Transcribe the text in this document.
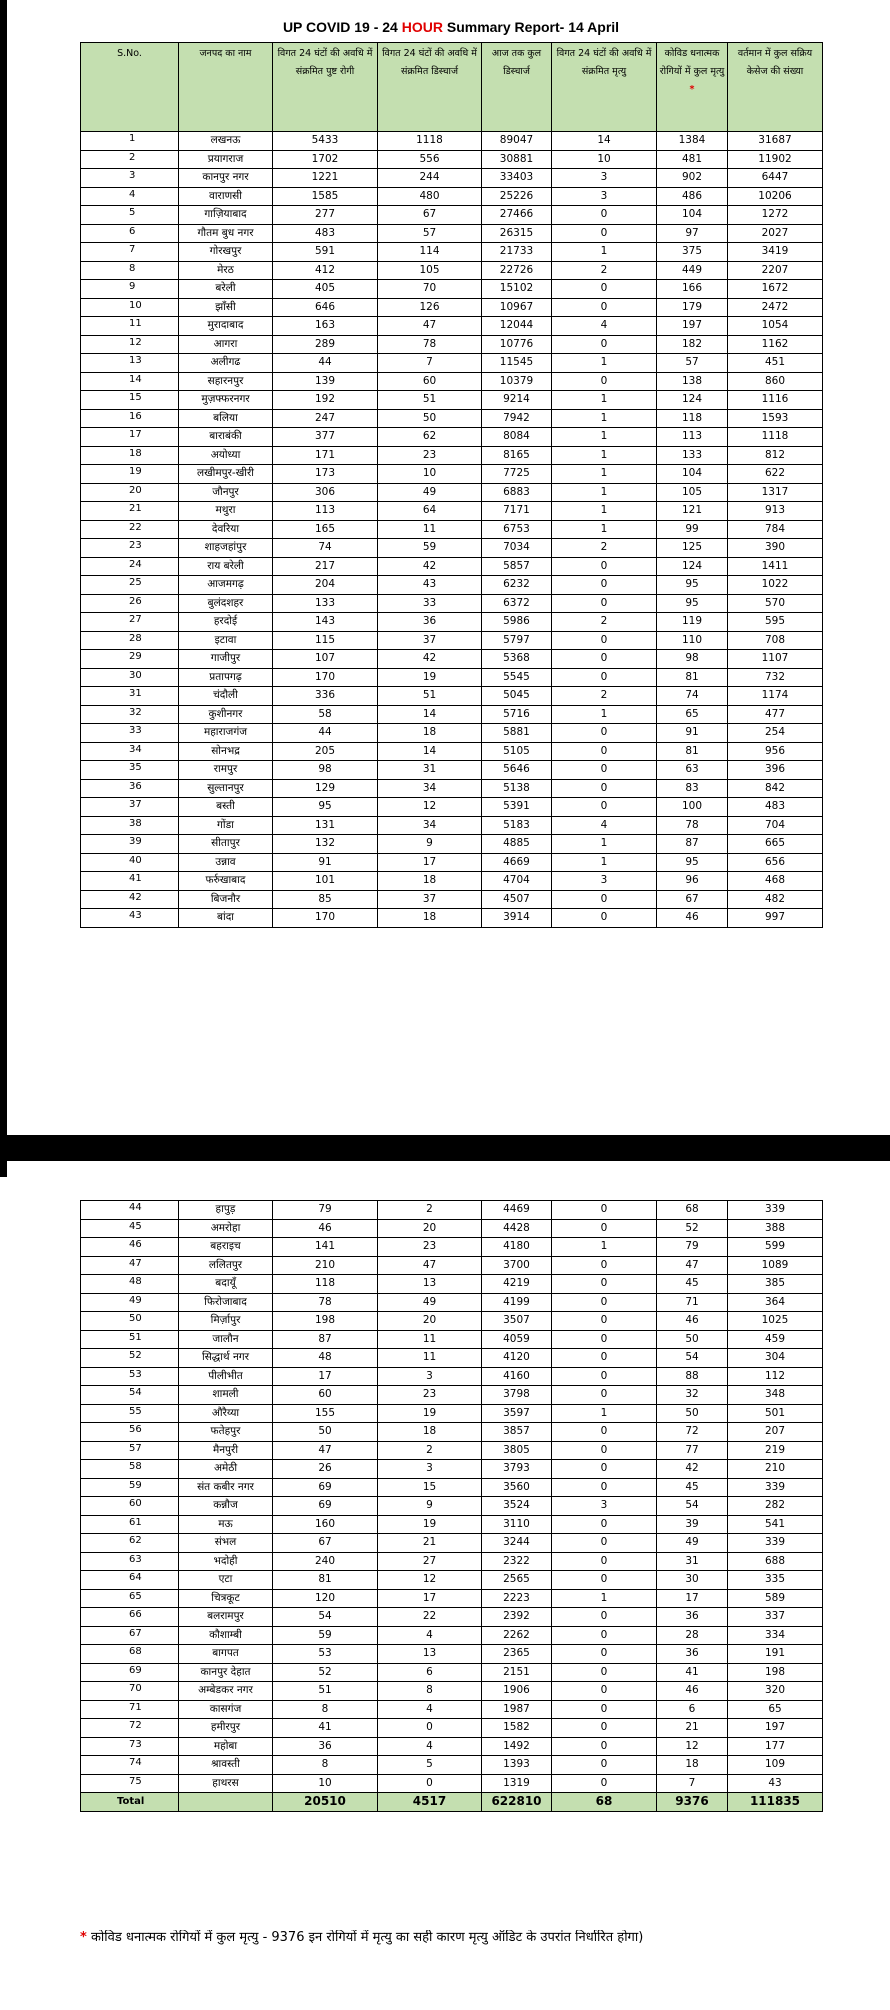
UP COVID 19 - 24 HOUR Summary Report- 14 April
S.No.	जनपद का नाम	विगत 24 घंटों की अवधि में संक्रमित पुष्ट रोगी	विगत 24 घंटों की अवधि में संक्रमित डिस्चार्ज	आज तक कुल डिस्चार्ज	विगत 24 घंटों की अवधि में संक्रमित मृत्यु	कोविड धनात्मक रोगियों में कुल मृत्यु *	वर्तमान में कुल सक्रिय केसेज की संख्या
1	लखनऊ	5433	1118	89047	14	1384	31687
2	प्रयागराज	1702	556	30881	10	481	11902
3	कानपुर नगर	1221	244	33403	3	902	6447
4	वाराणसी	1585	480	25226	3	486	10206
5	गाज़ियाबाद	277	67	27466	0	104	1272
6	गौतम बुध नगर	483	57	26315	0	97	2027
7	गोरखपुर	591	114	21733	1	375	3419
8	मेरठ	412	105	22726	2	449	2207
9	बरेली	405	70	15102	0	166	1672
10	झाँसी	646	126	10967	0	179	2472
11	मुरादाबाद	163	47	12044	4	197	1054
12	आगरा	289	78	10776	0	182	1162
13	अलीगढ	44	7	11545	1	57	451
14	सहारनपुर	139	60	10379	0	138	860
15	मुज़फ्फरनगर	192	51	9214	1	124	1116
16	बलिया	247	50	7942	1	118	1593
17	बाराबंकी	377	62	8084	1	113	1118
18	अयोध्या	171	23	8165	1	133	812
19	लखीमपुर-खीरी	173	10	7725	1	104	622
20	जौनपुर	306	49	6883	1	105	1317
21	मथुरा	113	64	7171	1	121	913
22	देवरिया	165	11	6753	1	99	784
23	शाहजहांपुर	74	59	7034	2	125	390
24	राय बरेली	217	42	5857	0	124	1411
25	आजमगढ़	204	43	6232	0	95	1022
26	बुलंदशहर	133	33	6372	0	95	570
27	हरदोई	143	36	5986	2	119	595
28	इटावा	115	37	5797	0	110	708
29	गाजीपुर	107	42	5368	0	98	1107
30	प्रतापगढ़	170	19	5545	0	81	732
31	चंदौली	336	51	5045	2	74	1174
32	कुशीनगर	58	14	5716	1	65	477
33	महाराजगंज	44	18	5881	0	91	254
34	सोनभद्र	205	14	5105	0	81	956
35	रामपुर	98	31	5646	0	63	396
36	सुल्तानपुर	129	34	5138	0	83	842
37	बस्ती	95	12	5391	0	100	483
38	गोंडा	131	34	5183	4	78	704
39	सीतापुर	132	9	4885	1	87	665
40	उन्नाव	91	17	4669	1	95	656
41	फर्रुखाबाद	101	18	4704	3	96	468
42	बिजनौर	85	37	4507	0	67	482
43	बांदा	170	18	3914	0	46	997
44	हापुड़	79	2	4469	0	68	339
45	अमरोहा	46	20	4428	0	52	388
46	बहराइच	141	23	4180	1	79	599
47	ललितपुर	210	47	3700	0	47	1089
48	बदायूँ	118	13	4219	0	45	385
49	फिरोजाबाद	78	49	4199	0	71	364
50	मिर्ज़ापुर	198	20	3507	0	46	1025
51	जालौन	87	11	4059	0	50	459
52	सिद्धार्थ नगर	48	11	4120	0	54	304
53	पीलीभीत	17	3	4160	0	88	112
54	शामली	60	23	3798	0	32	348
55	औरैय्या	155	19	3597	1	50	501
56	फतेहपुर	50	18	3857	0	72	207
57	मैनपुरी	47	2	3805	0	77	219
58	अमेठी	26	3	3793	0	42	210
59	संत कबीर नगर	69	15	3560	0	45	339
60	कन्नौज	69	9	3524	3	54	282
61	मऊ	160	19	3110	0	39	541
62	संभल	67	21	3244	0	49	339
63	भदोही	240	27	2322	0	31	688
64	एटा	81	12	2565	0	30	335
65	चित्रकूट	120	17	2223	1	17	589
66	बलरामपुर	54	22	2392	0	36	337
67	कौशाम्बी	59	4	2262	0	28	334
68	बागपत	53	13	2365	0	36	191
69	कानपुर देहात	52	6	2151	0	41	198
70	अम्बेडकर नगर	51	8	1906	0	46	320
71	कासगंज	8	4	1987	0	6	65
72	हमीरपुर	41	0	1582	0	21	197
73	महोबा	36	4	1492	0	12	177
74	श्रावस्ती	8	5	1393	0	18	109
75	हाथरस	10	0	1319	0	7	43
Total		20510	4517	622810	68	9376	111835
* कोविड धनात्मक रोगियों में कुल मृत्यु - 9376 इन रोगियों में मृत्यु का सही कारण मृत्यु ऑडिट के उपरांत निर्धारित होगा)
